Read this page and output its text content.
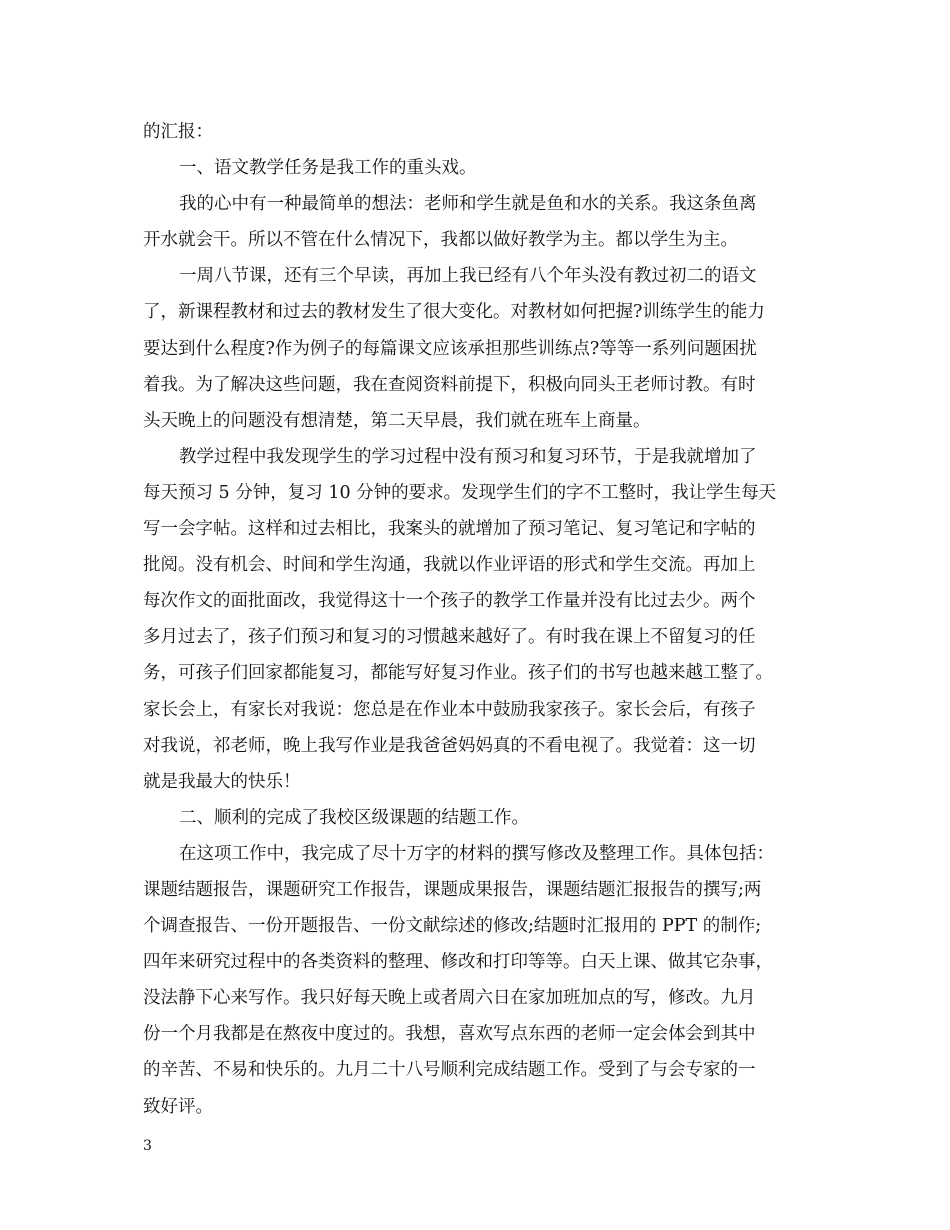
的汇报：
一、语文教学任务是我工作的重头戏。
我的心中有一种最简单的想法：老师和学生就是鱼和水的关系。我这条鱼离
开水就会干。所以不管在什么情况下，我都以做好教学为主。都以学生为主。
一周八节课，还有三个早读，再加上我已经有八个年头没有教过初二的语文
了，新课程教材和过去的教材发生了很大变化。对教材如何把握?训练学生的能力
要达到什么程度?作为例子的每篇课文应该承担那些训练点?等等一系列问题困扰
着我。为了解决这些问题，我在查阅资料前提下，积极向同头王老师讨教。有时
头天晚上的问题没有想清楚，第二天早晨，我们就在班车上商量。
教学过程中我发现学生的学习过程中没有预习和复习环节，于是我就增加了
每天预习 5 分钟，复习 10 分钟的要求。发现学生们的字不工整时，我让学生每天
写一会字帖。这样和过去相比，我案头的就增加了预习笔记、复习笔记和字帖的
批阅。没有机会、时间和学生沟通，我就以作业评语的形式和学生交流。再加上
每次作文的面批面改，我觉得这十一个孩子的教学工作量并没有比过去少。两个
多月过去了，孩子们预习和复习的习惯越来越好了。有时我在课上不留复习的任
务，可孩子们回家都能复习，都能写好复习作业。孩子们的书写也越来越工整了。
家长会上，有家长对我说：您总是在作业本中鼓励我家孩子。家长会后，有孩子
对我说，祁老师，晚上我写作业是我爸爸妈妈真的不看电视了。我觉着：这一切
就是我最大的快乐！
二、顺利的完成了我校区级课题的结题工作。
在这项工作中，我完成了尽十万字的材料的撰写修改及整理工作。具体包括：
课题结题报告，课题研究工作报告，课题成果报告，课题结题汇报报告的撰写;两
个调查报告、一份开题报告、一份文献综述的修改;结题时汇报用的 PPT 的制作;
四年来研究过程中的各类资料的整理、修改和打印等等。白天上课、做其它杂事，
没法静下心来写作。我只好每天晚上或者周六日在家加班加点的写，修改。九月
份一个月我都是在熬夜中度过的。我想，喜欢写点东西的老师一定会体会到其中
的辛苦、不易和快乐的。九月二十八号顺利完成结题工作。受到了与会专家的一
致好评。
3
